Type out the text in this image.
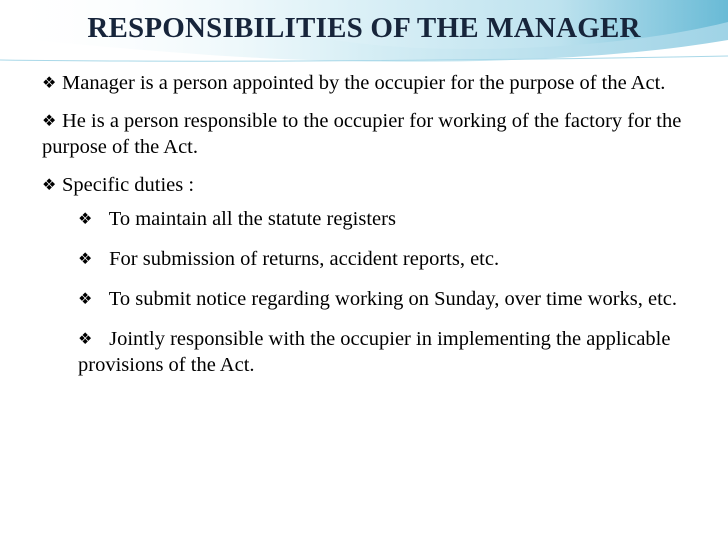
RESPONSIBILITIES OF THE MANAGER
❖ Manager is a person appointed by the occupier for the purpose of the Act.
❖ He is a person responsible to the occupier for working of the factory for the purpose of the Act.
❖ Specific duties :
❖ To maintain all the statute registers
❖ For submission of returns, accident reports, etc.
❖ To submit notice regarding working on Sunday, over time works, etc.
❖ Jointly responsible with the occupier in implementing the applicable provisions of the Act.
